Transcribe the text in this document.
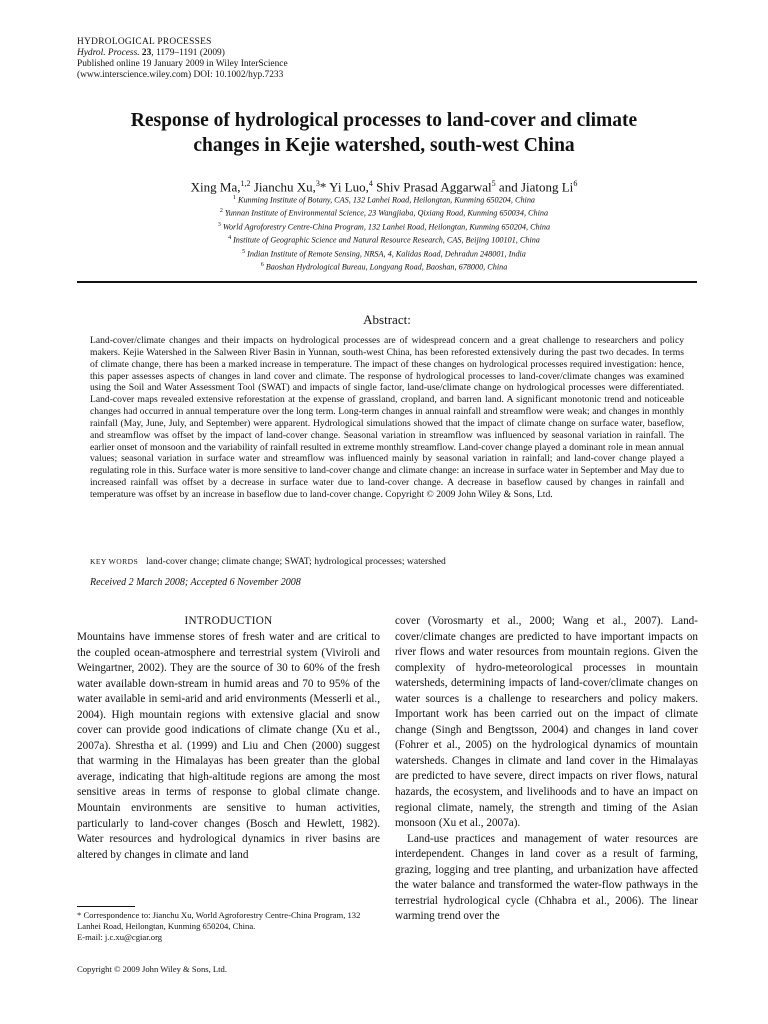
HYDROLOGICAL PROCESSES
Hydrol. Process. 23, 1179–1191 (2009)
Published online 19 January 2009 in Wiley InterScience
(www.interscience.wiley.com) DOI: 10.1002/hyp.7233
Response of hydrological processes to land-cover and climate
changes in Kejie watershed, south-west China
Xing Ma,$^{1,2}$ Jianchu Xu,$^3$* Yi Luo,$^4$ Shiv Prasad Aggarwal$^5$ and Jiatong Li$^6$
$^1$ Kunming Institute of Botany, CAS, 132 Lanhei Road, Heilongtan, Kunming 650204, China
$^2$ Yunnan Institute of Environmental Science, 23 Wangjiaba, Qixiang Road, Kunming 650034, China
$^3$ World Agroforestry Centre-China Program, 132 Lanhei Road, Heilongtan, Kunming 650204, China
$^4$ Institute of Geographic Science and Natural Resource Research, CAS, Beijing 100101, China
$^5$ Indian Institute of Remote Sensing, NRSA, 4, Kalidas Road, Dehradun 248001, India
$^6$ Baoshan Hydrological Bureau, Longyang Road, Baoshan, 678000, China
Abstract:
Land-cover/climate changes and their impacts on hydrological processes are of widespread concern and a great challenge to researchers and policy makers. Kejie Watershed in the Salween River Basin in Yunnan, south-west China, has been reforested extensively during the past two decades. In terms of climate change, there has been a marked increase in temperature. The impact of these changes on hydrological processes required investigation: hence, this paper assesses aspects of changes in land cover and climate. The response of hydrological processes to land-cover/climate changes was examined using the Soil and Water Assessment Tool (SWAT) and impacts of single factor, land-use/climate change on hydrological processes were differentiated. Land-cover maps revealed extensive reforestation at the expense of grassland, cropland, and barren land. A significant monotonic trend and noticeable changes had occurred in annual temperature over the long term. Long-term changes in annual rainfall and streamflow were weak; and changes in monthly rainfall (May, June, July, and September) were apparent. Hydrological simulations showed that the impact of climate change on surface water, baseflow, and streamflow was offset by the impact of land-cover change. Seasonal variation in streamflow was influenced by seasonal variation in rainfall. The earlier onset of monsoon and the variability of rainfall resulted in extreme monthly streamflow. Land-cover change played a dominant role in mean annual values; seasonal variation in surface water and streamflow was influenced mainly by seasonal variation in rainfall; and land-cover change played a regulating role in this. Surface water is more sensitive to land-cover change and climate change: an increase in surface water in September and May due to increased rainfall was offset by a decrease in surface water due to land-cover change. A decrease in baseflow caused by changes in rainfall and temperature was offset by an increase in baseflow due to land-cover change. Copyright © 2009 John Wiley & Sons, Ltd.
KEY WORDS land-cover change; climate change; SWAT; hydrological processes; watershed
Received 2 March 2008; Accepted 6 November 2008
INTRODUCTION

Mountains have immense stores of fresh water and are critical to the coupled ocean-atmosphere and terrestrial system (Viviroli and Weingartner, 2002). They are the source of 30 to 60% of the fresh water available down-stream in humid areas and 70 to 95% of the water available in semi-arid and arid environments (Messerli et al., 2004). High mountain regions with extensive glacial and snow cover can provide good indications of climate change (Xu et al., 2007a). Shrestha et al. (1999) and Liu and Chen (2000) suggest that warming in the Himalayas has been greater than the global average, indicating that high-altitude regions are among the most sensitive areas in terms of response to global climate change. Mountain environments are sensitive to human activities, particularly to land-cover changes (Bosch and Hewlett, 1982). Water resources and hydrological dynamics in river basins are altered by changes in climate and land

cover (Vorosmarty et al., 2000; Wang et al., 2007). Land-cover/climate changes are predicted to have important impacts on river flows and water resources from mountain regions. Given the complexity of hydro-meteorological processes in mountain watersheds, determining impacts of land-cover/climate changes on water sources is a challenge to researchers and policy makers. Important work has been carried out on the impact of climate change (Singh and Bengtsson, 2004) and changes in land cover (Fohrer et al., 2005) on the hydrological dynamics of mountain watersheds. Changes in climate and land cover in the Himalayas are predicted to have severe, direct impacts on river flows, natural hazards, the ecosystem, and livelihoods and to have an impact on regional climate, namely, the strength and timing of the Asian monsoon (Xu et al., 2007a).

Land-use practices and management of water resources are interdependent. Changes in land cover as a result of farming, grazing, logging and tree planting, and urbanization have affected the water balance and transformed the water-flow pathways in the terrestrial hydrological cycle (Chhabra et al., 2006). The linear warming trend over the

* Correspondence to: Jianchu Xu, World Agroforestry Centre-China Program, 132 Lanhei Road, Heilongtan, Kunming 650204, China.
E-mail: j.c.xu@cgiar.org
Copyright © 2009 John Wiley & Sons, Ltd.
